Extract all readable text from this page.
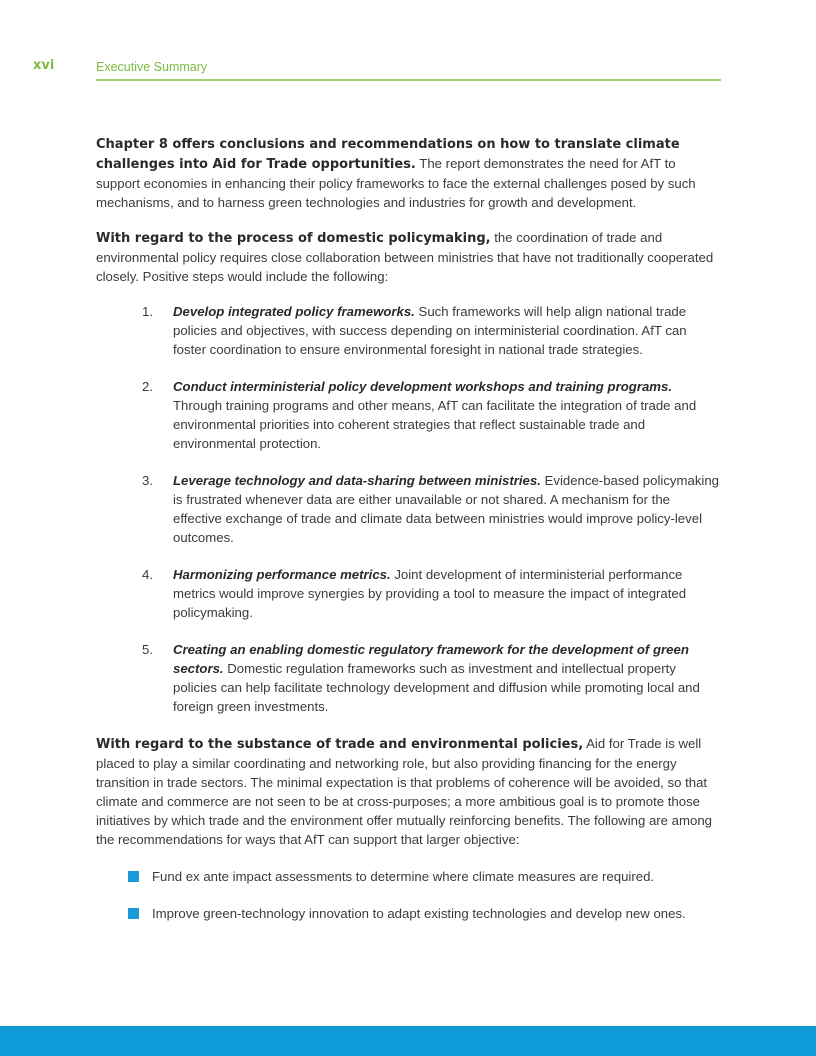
xvi	Executive Summary

Chapter 8 offers conclusions and recommendations on how to translate climate challenges into Aid for Trade opportunities. The report demonstrates the need for AfT to support economies in enhancing their policy frameworks to face the external challenges posed by such mechanisms, and to harness green technologies and industries for growth and development.

With regard to the process of domestic policymaking, the coordination of trade and environmental policy requires close collaboration between ministries that have not traditionally cooperated closely. Positive steps would include the following:

1. Develop integrated policy frameworks. Such frameworks will help align national trade policies and objectives, with success depending on interministerial coordination. AfT can foster coordination to ensure environmental foresight in national trade strategies.
2. Conduct interministerial policy development workshops and training programs. Through training programs and other means, AfT can facilitate the integration of trade and environmental priorities into coherent strategies that reflect sustainable trade and environmental protection.
3. Leverage technology and data-sharing between ministries. Evidence-based policymaking is frustrated whenever data are either unavailable or not shared. A mechanism for the effective exchange of trade and climate data between ministries would improve policy-level outcomes.
4. Harmonizing performance metrics. Joint development of interministerial performance metrics would improve synergies by providing a tool to measure the impact of integrated policymaking.
5. Creating an enabling domestic regulatory framework for the development of green sectors. Domestic regulation frameworks such as investment and intellectual property policies can help facilitate technology development and diffusion while promoting local and foreign green investments.

With regard to the substance of trade and environmental policies, Aid for Trade is well placed to play a similar coordinating and networking role, but also providing financing for the energy transition in trade sectors. The minimal expectation is that problems of coherence will be avoided, so that climate and commerce are not seen to be at cross-purposes; a more ambitious goal is to promote those initiatives by which trade and the environment offer mutually reinforcing benefits. The following are among the recommendations for ways that AfT can support that larger objective:

Fund ex ante impact assessments to determine where climate measures are required.
Improve green-technology innovation to adapt existing technologies and develop new ones.
